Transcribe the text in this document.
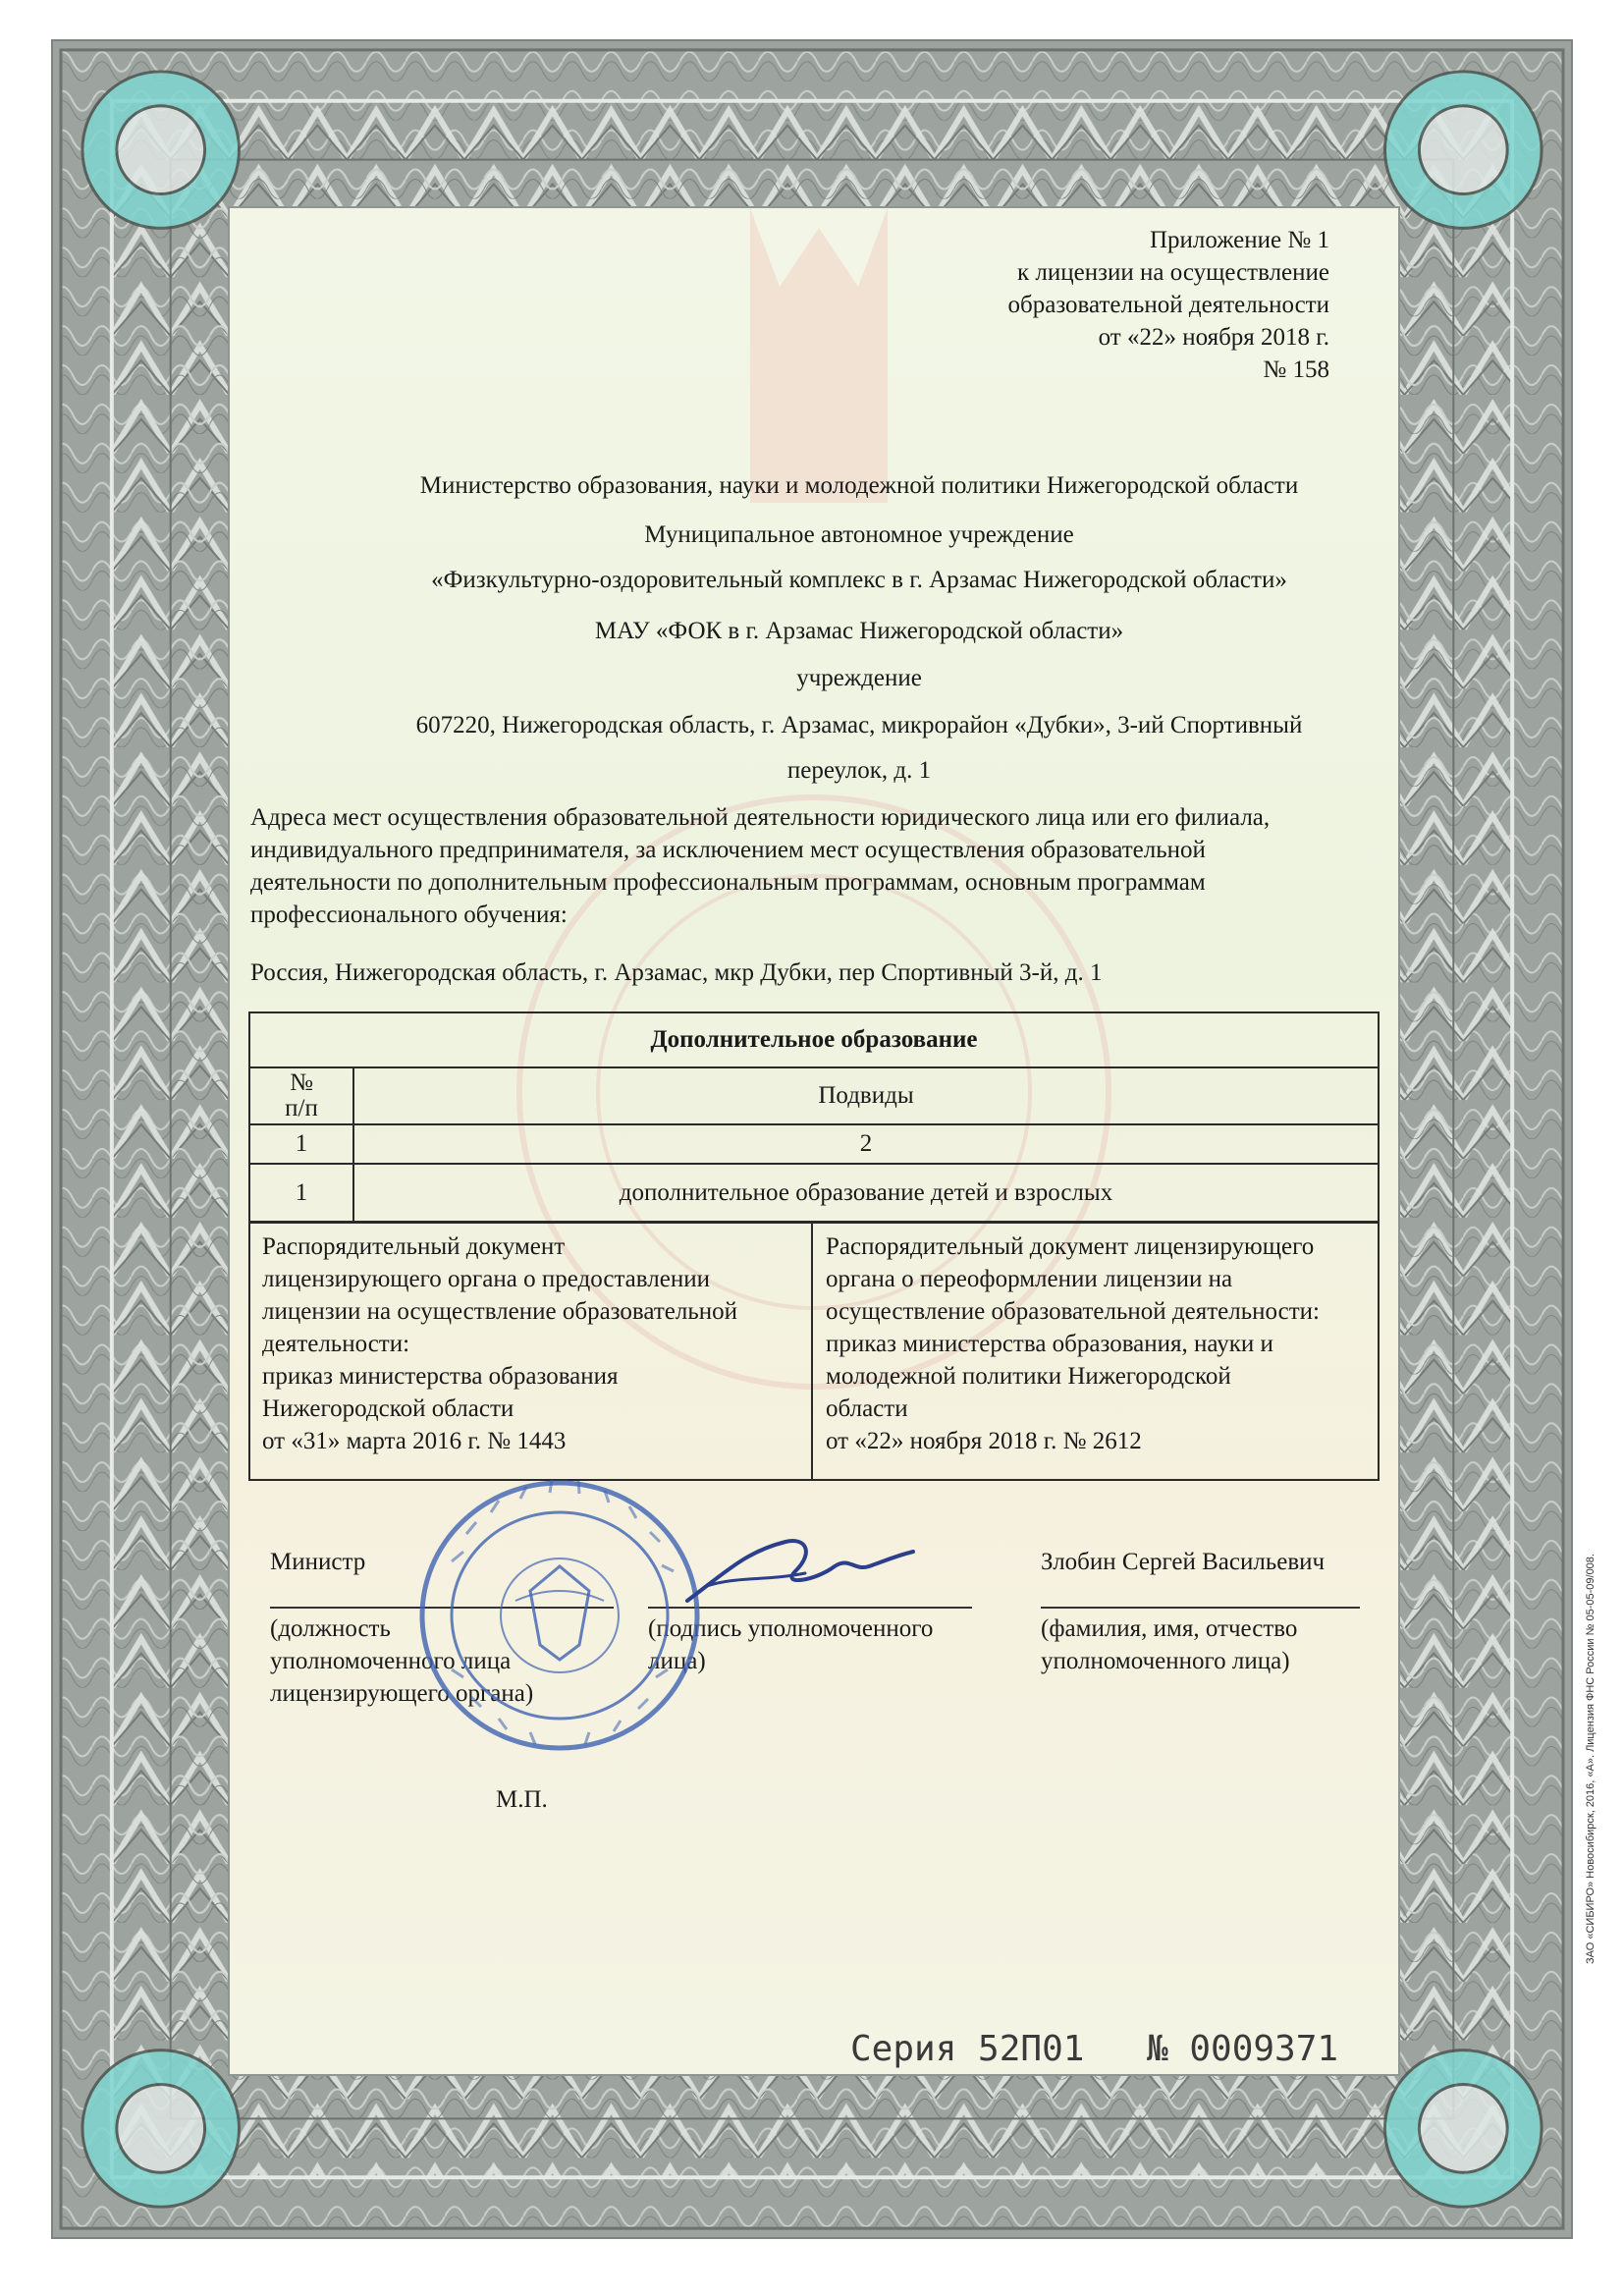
Приложение № 1
к лицензии на осуществление
образовательной деятельности
от «22» ноября 2018 г.
№ 158
Министерство образования, науки и молодежной политики Нижегородской области
Муниципальное автономное учреждение
«Физкультурно-оздоровительный комплекс в г. Арзамас Нижегородской области»
МАУ «ФОК в г. Арзамас Нижегородской области»
учреждение
607220, Нижегородская область, г. Арзамас, микрорайон «Дубки», 3-ий Спортивный
переулок, д. 1
Адреса мест осуществления образовательной деятельности юридического лица или его филиала,
индивидуального предпринимателя, за исключением мест осуществления образовательной
деятельности по дополнительным профессиональным программам, основным программам
профессионального обучения:
Россия, Нижегородская область, г. Арзамас, мкр Дубки, пер Спортивный 3-й, д. 1
Дополнительное образование	

№
п/п	Подвиды
1	2
1	дополнительное образование детей и взрослых
Распорядительный документ
лицензирующего органа о предоставлении
лицензии на осуществление образовательной
деятельности:
приказ министерства образования
Нижегородской области
от «31» марта 2016 г. № 1443
Распорядительный документ лицензирующего
органа о переоформлении лицензии на
осуществление образовательной деятельности:
приказ министерства образования, науки и
молодежной политики Нижегородской
области
от «22» ноября 2018 г. № 2612
Министр	Злобин Сергей Васильевич
(должность
уполномоченного лица
лицензирующего органа)
(подпись уполномоченного
лица)
(фамилия, имя, отчество
уполномоченного лица)
М.П.
Серия 52П01 № 0009371
ЗАО «СИБИРО» Новосибирск, 2016, «А». Лицензия ФНС России № 05-05-09/008.
